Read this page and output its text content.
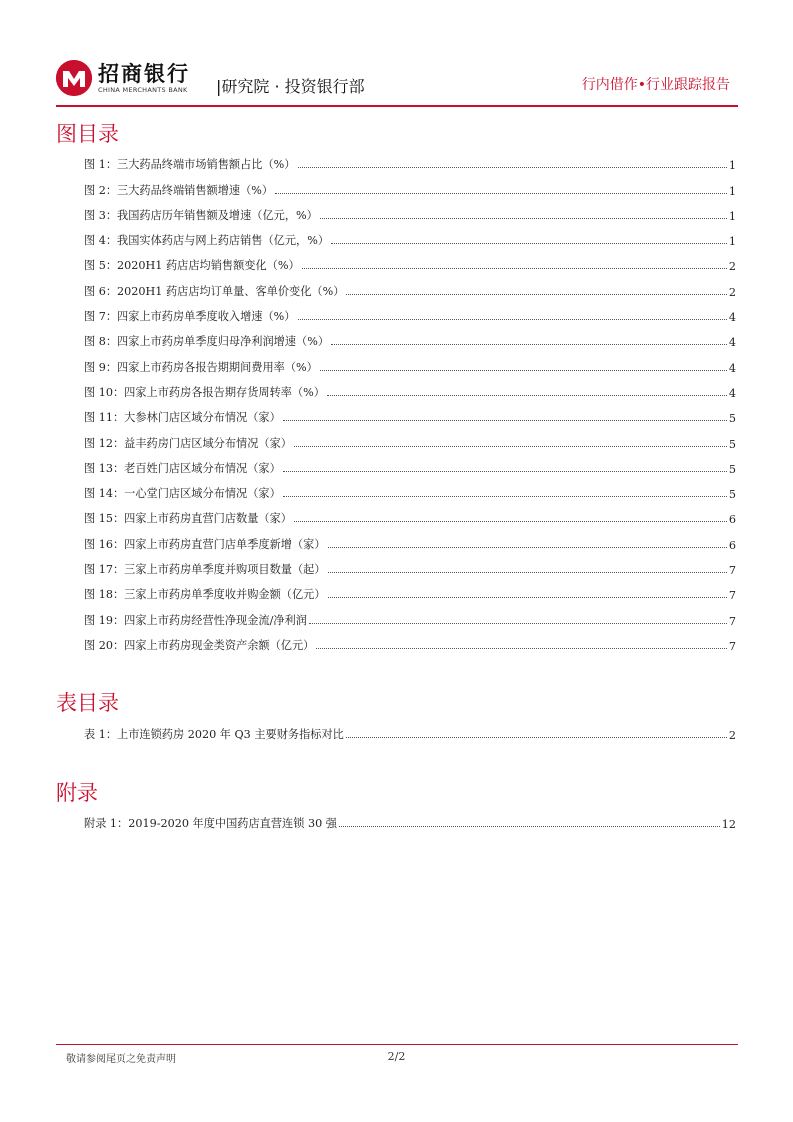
招商银行
CHINA MERCHANTS BANK |研究院 · 投资银行部	行内借作•行业跟踪报告
图目录
图 1：三大药品终端市场销售额占比（%）	1
图 2：三大药品终端销售额增速（%）	1
图 3：我国药店历年销售额及增速（亿元，%）	1
图 4：我国实体药店与网上药店销售（亿元，%）	1
图 5：2020H1 药店店均销售额变化（%）	2
图 6：2020H1 药店店均订单量、客单价变化（%）	2
图 7：四家上市药房单季度收入增速（%）	4
图 8：四家上市药房单季度归母净利润增速（%）	4
图 9：四家上市药房各报告期期间费用率（%）	4
图 10：四家上市药房各报告期存货周转率（%）	4
图 11：大参林门店区域分布情况（家）	5
图 12：益丰药房门店区域分布情况（家）	5
图 13：老百姓门店区域分布情况（家）	5
图 14：一心堂门店区域分布情况（家）	5
图 15：四家上市药房直营门店数量（家）	6
图 16：四家上市药房直营门店单季度新增（家）	6
图 17：三家上市药房单季度并购项目数量（起）	7
图 18：三家上市药房单季度收并购金额（亿元）	7
图 19：四家上市药房经营性净现金流/净利润	7
图 20：四家上市药房现金类资产余额（亿元）	7
表目录
表 1：上市连锁药房 2020 年 Q3 主要财务指标对比	2
附录
附录 1：2019-2020 年度中国药店直营连锁 30 强	12
敬请参阅尾页之免责声明	2/2
